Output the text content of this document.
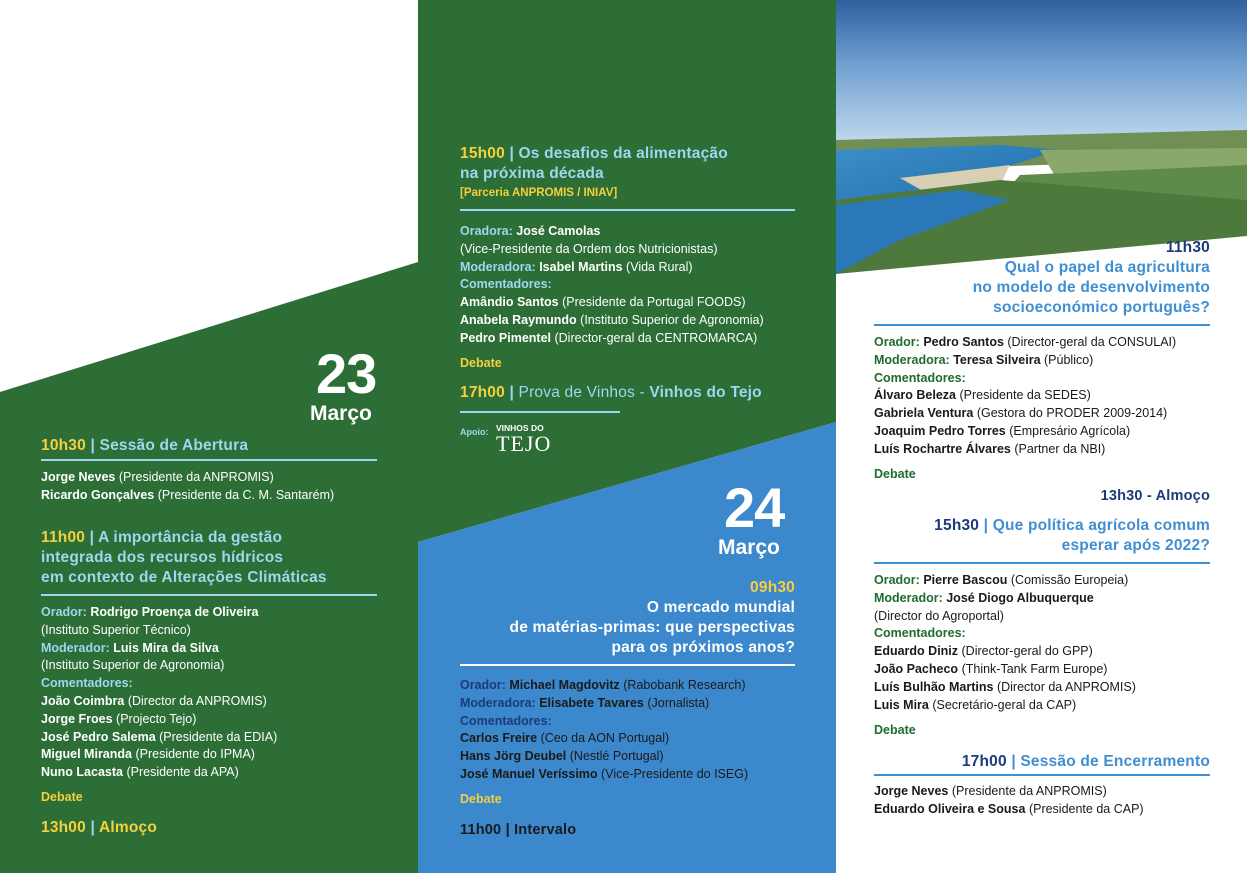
23
Março
10h30 | Sessão de Abertura
Jorge Neves (Presidente da ANPROMIS)
Ricardo Gonçalves (Presidente da C. M. Santarém)
11h00 | A importância da gestão
integrada dos recursos hídricos
em contexto de Alterações Climáticas
Orador: Rodrigo Proença de Oliveira
(Instituto Superior Técnico)
Moderador: Luis Mira da Silva
(Instituto Superior de Agronomia)
Comentadores:
João Coimbra (Director da ANPROMIS)
Jorge Froes (Projecto Tejo)
José Pedro Salema (Presidente da EDIA)
Miguel Miranda (Presidente do IPMA)
Nuno Lacasta (Presidente da APA)
Debate
13h00 | Almoço
15h00 | Os desafios da alimentação
na próxima década
[Parceria ANPROMIS / INIAV]
Oradora: José Camolas
(Vice-Presidente da Ordem dos Nutricionistas)
Moderadora: Isabel Martins (Vida Rural)
Comentadores:
Amândio Santos (Presidente da Portugal FOODS)
Anabela Raymundo (Instituto Superior de Agronomia)
Pedro Pimentel (Director-geral da CENTROMARCA)
Debate
17h00 | Prova de Vinhos - Vinhos do Tejo
Apoio: VINHOS DO
TEJO
24
Março
09h30
O mercado mundial
de matérias-primas: que perspectivas
para os próximos anos?
Orador: Michael Magdovitz (Rabobank Research)
Moderadora: Elisabete Tavares (Jornalista)
Comentadores:
Carlos Freire (Ceo da AON Portugal)
Hans Jörg Deubel (Nestlé Portugal)
José Manuel Veríssimo (Vice-Presidente do ISEG)
Debate
11h00 | Intervalo
11h30
Qual o papel da agricultura
no modelo de desenvolvimento
socioeconómico português?
Orador: Pedro Santos (Director-geral da CONSULAI)
Moderadora: Teresa Silveira (Público)
Comentadores:
Álvaro Beleza (Presidente da SEDES)
Gabriela Ventura (Gestora do PRODER 2009-2014)
Joaquim Pedro Torres (Empresário Agrícola)
Luís Rochartre Álvares (Partner da NBI)
Debate
13h30 - Almoço
15h30 | Que política agrícola comum
esperar após 2022?
Orador: Pierre Bascou (Comissão Europeia)
Moderador: José Diogo Albuquerque
(Director do Agroportal)
Comentadores:
Eduardo Diniz (Director-geral do GPP)
João Pacheco (Think-Tank Farm Europe)
Luís Bulhão Martins (Director da ANPROMIS)
Luis Mira (Secretário-geral da CAP)
Debate
17h00 | Sessão de Encerramento
Jorge Neves (Presidente da ANPROMIS)
Eduardo Oliveira e Sousa (Presidente da CAP)
